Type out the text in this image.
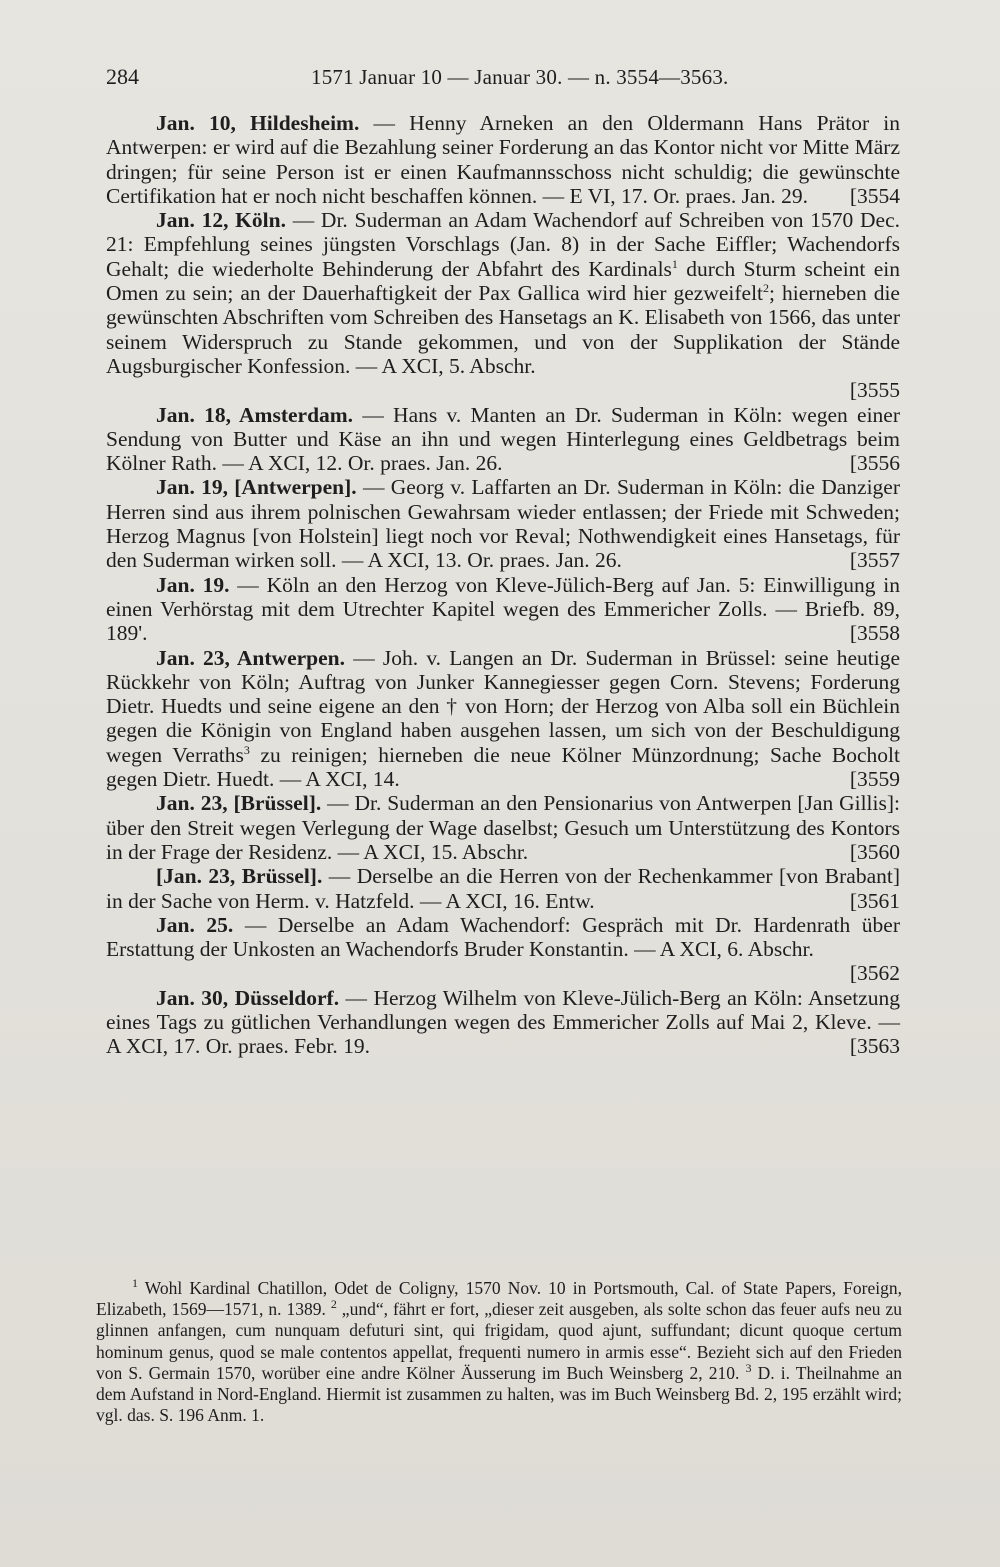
284	1571 Januar 10 — Januar 30. — n. 3554—3563.

Jan. 10, Hildesheim. — Henny Arneken an den Oldermann Hans Prätor in Antwerpen: er wird auf die Bezahlung seiner Forderung an das Kontor nicht vor Mitte März dringen; für seine Person ist er einen Kaufmannsschoss nicht schuldig; die gewünschte Certifikation hat er noch nicht beschaffen können. — E VI, 17. Or. praes. Jan. 29. [3554

Jan. 12, Köln. — Dr. Suderman an Adam Wachendorf auf Schreiben von 1570 Dec. 21: Empfehlung seines jüngsten Vorschlags (Jan. 8) in der Sache Eiffler; Wachendorfs Gehalt; die wiederholte Behinderung der Abfahrt des Kardinals$^1$ durch Sturm scheint ein Omen zu sein; an der Dauerhaftigkeit der Pax Gallica wird hier gezweifelt$^2$; hierneben die gewünschten Abschriften vom Schreiben des Hansetags an K. Elisabeth von 1566, das unter seinem Widerspruch zu Stande gekommen, und von der Supplikation der Stände Augsburgischer Konfession. — A XCI, 5. Abschr.
[3555

Jan. 18, Amsterdam. — Hans v. Manten an Dr. Suderman in Köln: wegen einer Sendung von Butter und Käse an ihn und wegen Hinterlegung eines Geldbetrags beim Kölner Rath. — A XCI, 12. Or. praes. Jan. 26.	[3556

Jan. 19, [Antwerpen]. — Georg v. Laffarten an Dr. Suderman in Köln: die Danziger Herren sind aus ihrem polnischen Gewahrsam wieder entlassen; der Friede mit Schweden; Herzog Magnus [von Holstein] liegt noch vor Reval; Nothwendigkeit eines Hansetags, für den Suderman wirken soll. — A XCI, 13. Or. praes. Jan. 26.	[3557

Jan. 19. — Köln an den Herzog von Kleve-Jülich-Berg auf Jan. 5: Einwilligung in einen Verhörstag mit dem Utrechter Kapitel wegen des Emmericher Zolls. — Briefb. 89, 189'.	[3558

Jan. 23, Antwerpen. — Joh. v. Langen an Dr. Suderman in Brüssel: seine heutige Rückkehr von Köln; Auftrag von Junker Kannegiesser gegen Corn. Stevens; Forderung Dietr. Huedts und seine eigene an den † von Horn; der Herzog von Alba soll ein Büchlein gegen die Königin von England haben ausgehen lassen, um sich von der Beschuldigung wegen Verraths$^3$ zu reinigen; hierneben die neue Kölner Münzordnung; Sache Bocholt gegen Dietr. Huedt. — A XCI, 14.	[3559

Jan. 23, [Brüssel]. — Dr. Suderman an den Pensionarius von Antwerpen [Jan Gillis]: über den Streit wegen Verlegung der Wage daselbst; Gesuch um Unterstützung des Kontors in der Frage der Residenz. — A XCI, 15. Abschr.	[3560

[Jan. 23, Brüssel]. — Derselbe an die Herren von der Rechenkammer [von Brabant] in der Sache von Herm. v. Hatzfeld. — A XCI, 16. Entw.	[3561

Jan. 25. — Derselbe an Adam Wachendorf: Gespräch mit Dr. Hardenrath über Erstattung der Unkosten an Wachendorfs Bruder Konstantin. — A XCI, 6. Abschr.
[3562

Jan. 30, Düsseldorf. — Herzog Wilhelm von Kleve-Jülich-Berg an Köln: Ansetzung eines Tags zu gütlichen Verhandlungen wegen des Emmericher Zolls auf Mai 2, Kleve. — A XCI, 17. Or. praes. Febr. 19.	[3563

$^1$ Wohl Kardinal Chatillon, Odet de Coligny, 1570 Nov. 10 in Portsmouth, Cal. of State Papers, Foreign, Elizabeth, 1569—1571, n. 1389. $^2$ „und“, fährt er fort, „dieser zeit ausgeben, als solte schon das feuer aufs neu zu glinnen anfangen, cum nunquam defuturi sint, qui frigidam, quod ajunt, suffundant; dicunt quoque certum hominum genus, quod se male contentos appellat, frequenti numero in armis esse“. Bezieht sich auf den Frieden von S. Germain 1570, worüber eine andre Kölner Äusserung im Buch Weinsberg 2, 210. $^3$ D. i. Theilnahme an dem Aufstand in Nord-England. Hiermit ist zusammen zu halten, was im Buch Weinsberg Bd. 2, 195 erzählt wird; vgl. das. S. 196 Anm. 1.
